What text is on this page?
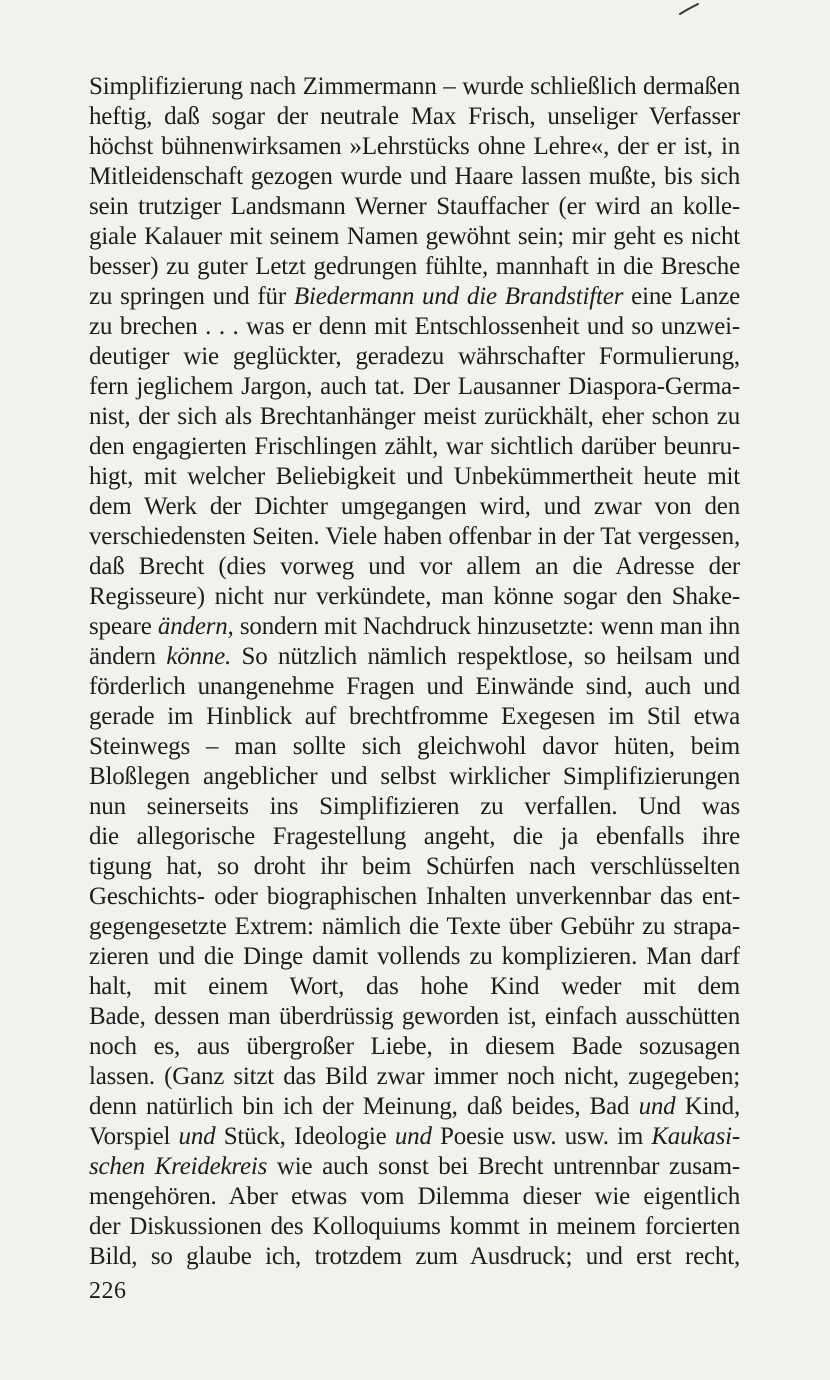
Simplifizierung nach Zimmermann – wurde schließlich dermaßen
heftig, daß sogar der neutrale Max Frisch, unseliger Verfasser
höchst bühnenwirksamen »Lehrstücks ohne Lehre«, der er ist, in
Mitleidenschaft gezogen wurde und Haare lassen mußte, bis sich
sein trutziger Landsmann Werner Stauffacher (er wird an kolle-
giale Kalauer mit seinem Namen gewöhnt sein; mir geht es nicht
besser) zu guter Letzt gedrungen fühlte, mannhaft in die Bresche
zu springen und für Biedermann und die Brandstifter eine Lanze
zu brechen . . . was er denn mit Entschlossenheit und so unzwei-
deutiger wie geglückter, geradezu währschafter Formulierung,
fern jeglichem Jargon, auch tat. Der Lausanner Diaspora-Germa-
nist, der sich als Brechtanhänger meist zurückhält, eher schon zu
den engagierten Frischlingen zählt, war sichtlich darüber beunru-
higt, mit welcher Beliebigkeit und Unbekümmertheit heute mit
dem Werk der Dichter umgegangen wird, und zwar von den
verschiedensten Seiten. Viele haben offenbar in der Tat vergessen,
daß Brecht (dies vorweg und vor allem an die Adresse der
Regisseure) nicht nur verkündete, man könne sogar den Shake-
speare ändern, sondern mit Nachdruck hinzusetzte: wenn man ihn
ändern könne. So nützlich nämlich respektlose, so heilsam und
förderlich unangenehme Fragen und Einwände sind, auch und
gerade im Hinblick auf brechtfromme Exegesen im Stil etwa
Steinwegs – man sollte sich gleichwohl davor hüten, beim
Bloßlegen angeblicher und selbst wirklicher Simplifizierungen
nun seinerseits ins Simplifizieren zu verfallen. Und was
die allegorische Fragestellung angeht, die ja ebenfalls ihre
tigung hat, so droht ihr beim Schürfen nach verschlüsselten
Geschichts- oder biographischen Inhalten unverkennbar das ent-
gegengesetzte Extrem: nämlich die Texte über Gebühr zu strapa-
zieren und die Dinge damit vollends zu komplizieren. Man darf
halt, mit einem Wort, das hohe Kind weder mit dem
Bade, dessen man überdrüssig geworden ist, einfach ausschütten
noch es, aus übergroßer Liebe, in diesem Bade sozusagen
lassen. (Ganz sitzt das Bild zwar immer noch nicht, zugegeben;
denn natürlich bin ich der Meinung, daß beides, Bad und Kind,
Vorspiel und Stück, Ideologie und Poesie usw. usw. im Kaukasi-
schen Kreidekreis wie auch sonst bei Brecht untrennbar zusam-
mengehören. Aber etwas vom Dilemma dieser wie eigentlich
der Diskussionen des Kolloquiums kommt in meinem forcierten
Bild, so glaube ich, trotzdem zum Ausdruck; und erst recht,
226
